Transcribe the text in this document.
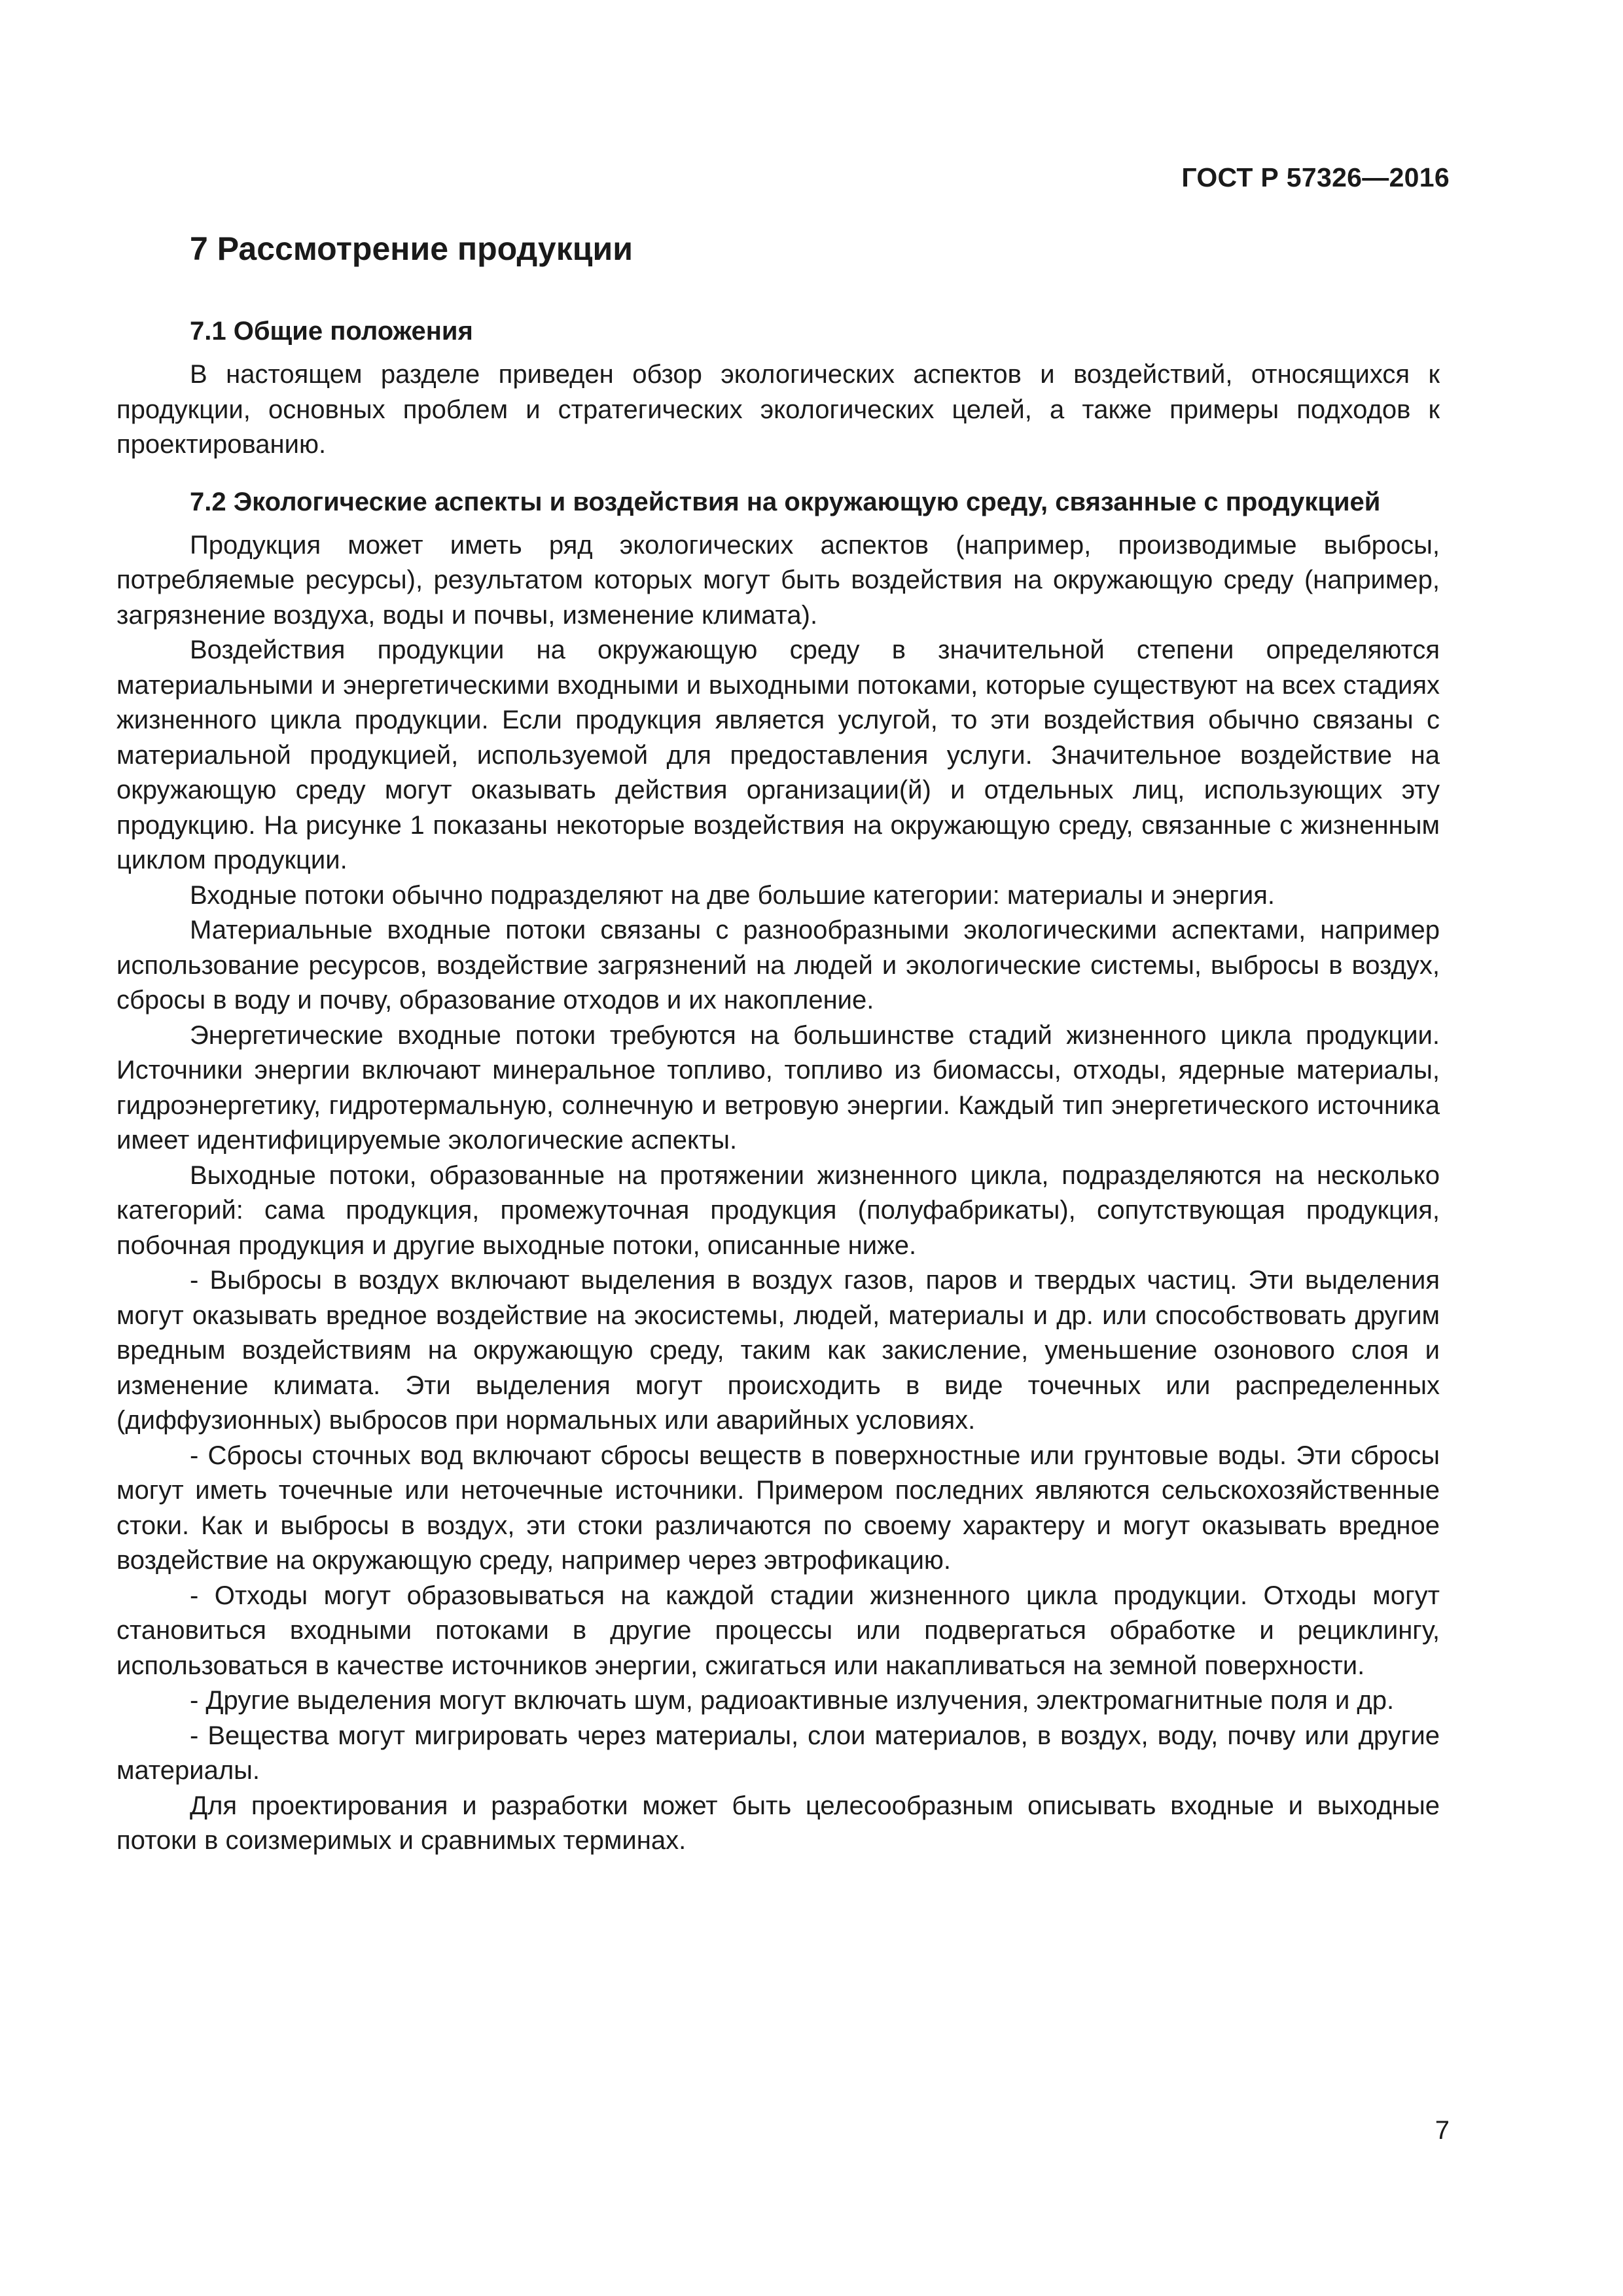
ГОСТ Р 57326—2016
7 Рассмотрение продукции
7.1 Общие положения

В настоящем разделе приведен обзор экологических аспектов и воздействий, относящихся к продукции, основных проблем и стратегических экологических целей, а также примеры подходов к проектированию.

7.2 Экологические аспекты и воздействия на окружающую среду, связанные с продукцией

Продукция может иметь ряд экологических аспектов (например, производимые выбросы, потребляемые ресурсы), результатом которых могут быть воздействия на окружающую среду (например, загрязнение воздуха, воды и почвы, изменение климата).

Воздействия продукции на окружающую среду в значительной степени определяются материальными и энергетическими входными и выходными потоками, которые существуют на всех стадиях жизненного цикла продукции. Если продукция является услугой, то эти воздействия обычно связаны с материальной продукцией, используемой для предоставления услуги. Значительное воздействие на окружающую среду могут оказывать действия организации(й) и отдельных лиц, использующих эту продукцию. На рисунке 1 показаны некоторые воздействия на окружающую среду, связанные с жизненным циклом продукции.

Входные потоки обычно подразделяют на две большие категории: материалы и энергия.

Материальные входные потоки связаны с разнообразными экологическими аспектами, например использование ресурсов, воздействие загрязнений на людей и экологические системы, выбросы в воздух, сбросы в воду и почву, образование отходов и их накопление.

Энергетические входные потоки требуются на большинстве стадий жизненного цикла продукции. Источники энергии включают минеральное топливо, топливо из биомассы, отходы, ядерные материалы, гидроэнергетику, гидротермальную, солнечную и ветровую энергии. Каждый тип энергетического источника имеет идентифицируемые экологические аспекты.

Выходные потоки, образованные на протяжении жизненного цикла, подразделяются на несколько категорий: сама продукция, промежуточная продукция (полуфабрикаты), сопутствующая продукция, побочная продукция и другие выходные потоки, описанные ниже.

- Выбросы в воздух включают выделения в воздух газов, паров и твердых частиц. Эти выделения могут оказывать вредное воздействие на экосистемы, людей, материалы и др. или способствовать другим вредным воздействиям на окружающую среду, таким как закисление, уменьшение озонового слоя и изменение климата. Эти выделения могут происходить в виде точечных или распределенных (диффузионных) выбросов при нормальных или аварийных условиях.

- Сбросы сточных вод включают сбросы веществ в поверхностные или грунтовые воды. Эти сбросы могут иметь точечные или неточечные источники. Примером последних являются сельскохозяйственные стоки. Как и выбросы в воздух, эти стоки различаются по своему характеру и могут оказывать вредное воздействие на окружающую среду, например через эвтрофикацию.

- Отходы могут образовываться на каждой стадии жизненного цикла продукции. Отходы могут становиться входными потоками в другие процессы или подвергаться обработке и рециклингу, использоваться в качестве источников энергии, сжигаться или накапливаться на земной поверхности.

- Другие выделения могут включать шум, радиоактивные излучения, электромагнитные поля и др.

- Вещества могут мигрировать через материалы, слои материалов, в воздух, воду, почву или другие материалы.

Для проектирования и разработки может быть целесообразным описывать входные и выходные потоки в соизмеримых и сравнимых терминах.

7
